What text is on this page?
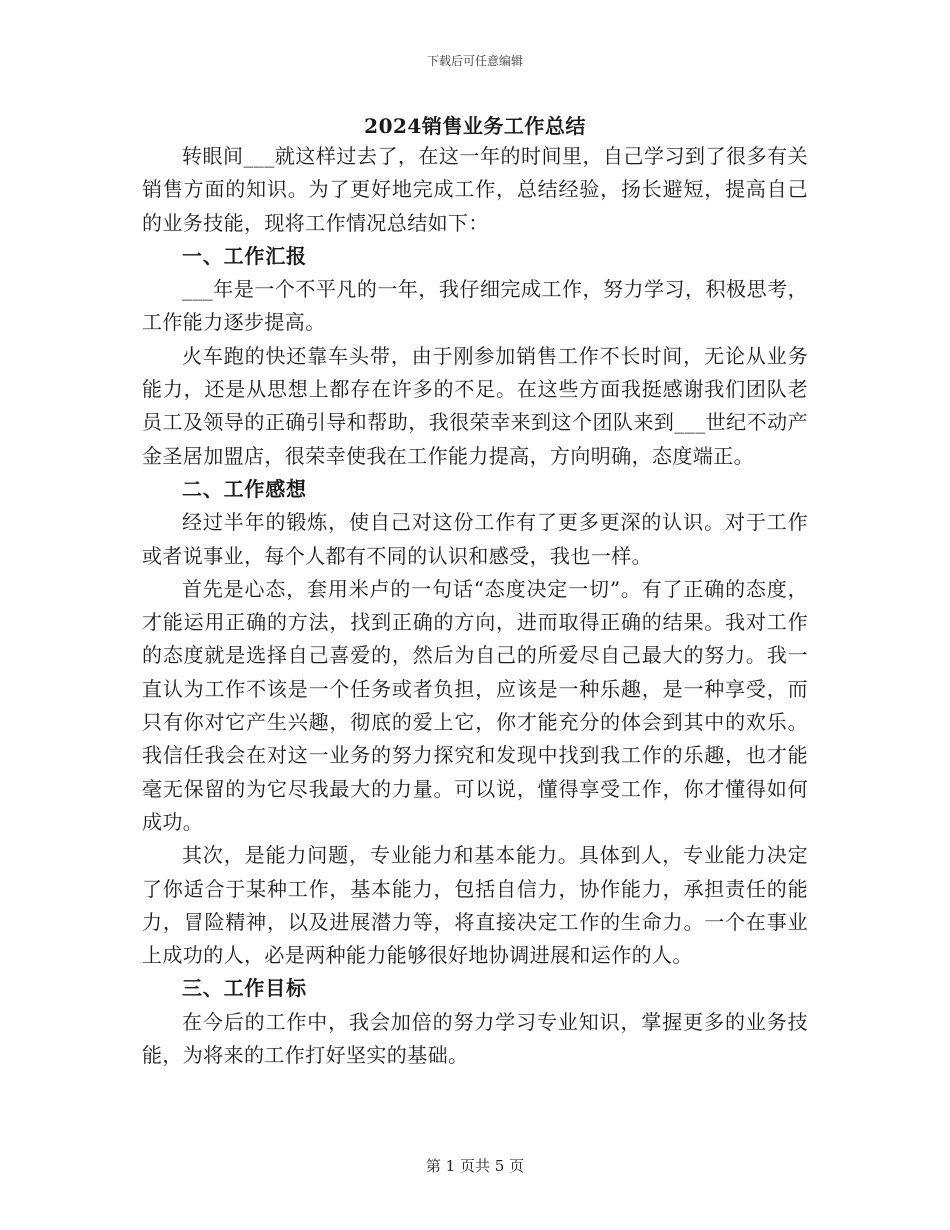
下载后可任意编辑
2024销售业务工作总结

转眼间___就这样过去了，在这一年的时间里，自己学习到了很多有关销售方面的知识。为了更好地完成工作，总结经验，扬长避短，提高自己的业务技能，现将工作情况总结如下：

一、工作汇报

___年是一个不平凡的一年，我仔细完成工作，努力学习，积极思考，工作能力逐步提高。

火车跑的快还靠车头带，由于刚参加销售工作不长时间，无论从业务能力，还是从思想上都存在许多的不足。在这些方面我挺感谢我们团队老员工及领导的正确引导和帮助，我很荣幸来到这个团队来到___世纪不动产金圣居加盟店，很荣幸使我在工作能力提高，方向明确，态度端正。

二、工作感想

经过半年的锻炼，使自己对这份工作有了更多更深的认识。对于工作或者说事业，每个人都有不同的认识和感受，我也一样。

首先是心态，套用米卢的一句话“态度决定一切”。有了正确的态度，才能运用正确的方法，找到正确的方向，进而取得正确的结果。我对工作的态度就是选择自己喜爱的，然后为自己的所爱尽自己最大的努力。我一直认为工作不该是一个任务或者负担，应该是一种乐趣，是一种享受，而只有你对它产生兴趣，彻底的爱上它，你才能充分的体会到其中的欢乐。我信任我会在对这一业务的努力探究和发现中找到我工作的乐趣，也才能毫无保留的为它尽我最大的力量。可以说，懂得享受工作，你才懂得如何成功。

其次，是能力问题，专业能力和基本能力。具体到人，专业能力决定了你适合于某种工作，基本能力，包括自信力，协作能力，承担责任的能力，冒险精神，以及进展潜力等，将直接决定工作的生命力。一个在事业上成功的人，必是两种能力能够很好地协调进展和运作的人。

三、工作目标

在今后的工作中，我会加倍的努力学习专业知识，掌握更多的业务技能，为将来的工作打好坚实的基础。

第 1 页共 5 页
